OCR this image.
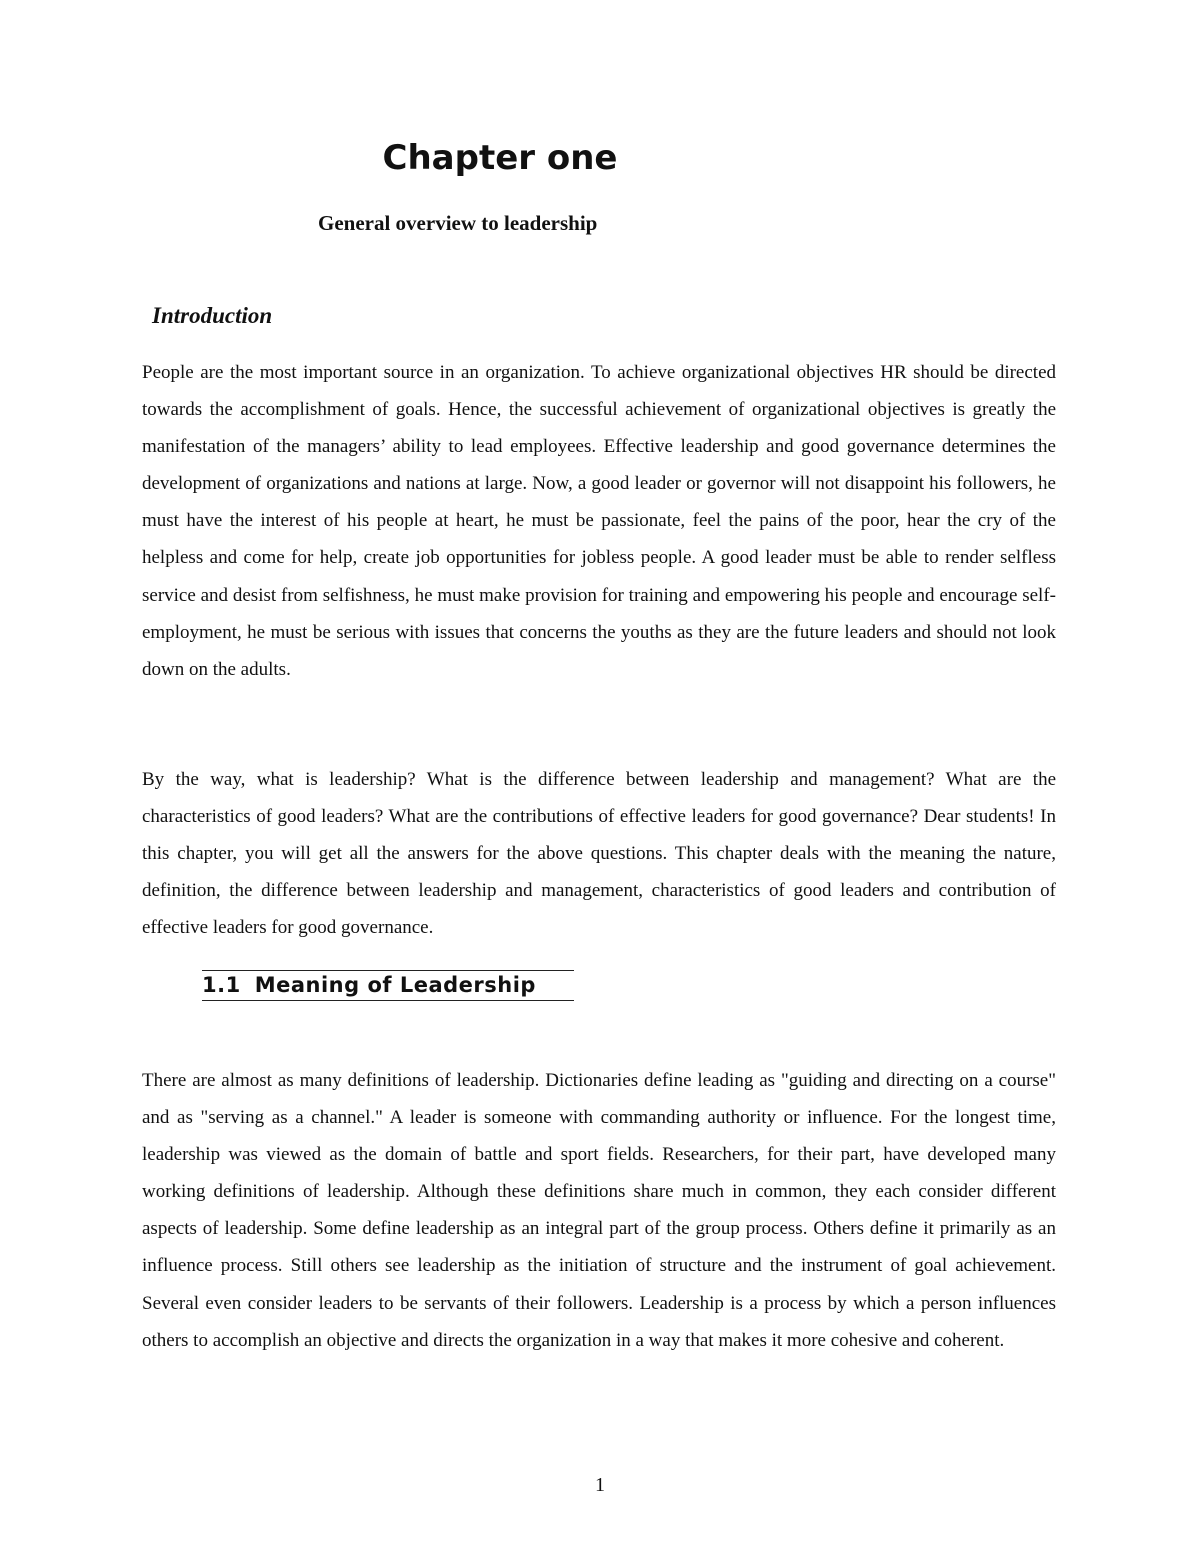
Chapter one
General overview to leadership
Introduction

People are the most important source in an organization. To achieve organizational objectives HR should be directed towards the accomplishment of goals. Hence, the successful achievement of organizational objectives is greatly the manifestation of the managers’ ability to lead employees. Effective leadership and good governance determines the development of organizations and nations at large. Now, a good leader or governor will not disappoint his followers, he must have the interest of his people at heart, he must be passionate, feel the pains of the poor, hear the cry of the helpless and come for help, create job opportunities for jobless people. A good leader must be able to render selfless service and desist from selfishness, he must make provision for training and empowering his people and encourage self-employment, he must be serious with issues that concerns the youths as they are the future leaders and should not look down on the adults.

By the way, what is leadership? What is the difference between leadership and management? What are the characteristics of good leaders? What are the contributions of effective leaders for good governance? Dear students! In this chapter, you will get all the answers for the above questions. This chapter deals with the meaning the nature, definition, the difference between leadership and management, characteristics of good leaders and contribution of effective leaders for good governance.

1.1 Meaning of Leadership

There are almost as many definitions of leadership. Dictionaries define leading as "guiding and directing on a course" and as "serving as a channel." A leader is someone with commanding authority or influence. For the longest time, leadership was viewed as the domain of battle and sport fields. Researchers, for their part, have developed many working definitions of leadership. Although these definitions share much in common, they each consider different aspects of leadership. Some define leadership as an integral part of the group process. Others define it primarily as an influence process. Still others see leadership as the initiation of structure and the instrument of goal achievement. Several even consider leaders to be servants of their followers. Leadership is a process by which a person influences others to accomplish an objective and directs the organization in a way that makes it more cohesive and coherent.

1
